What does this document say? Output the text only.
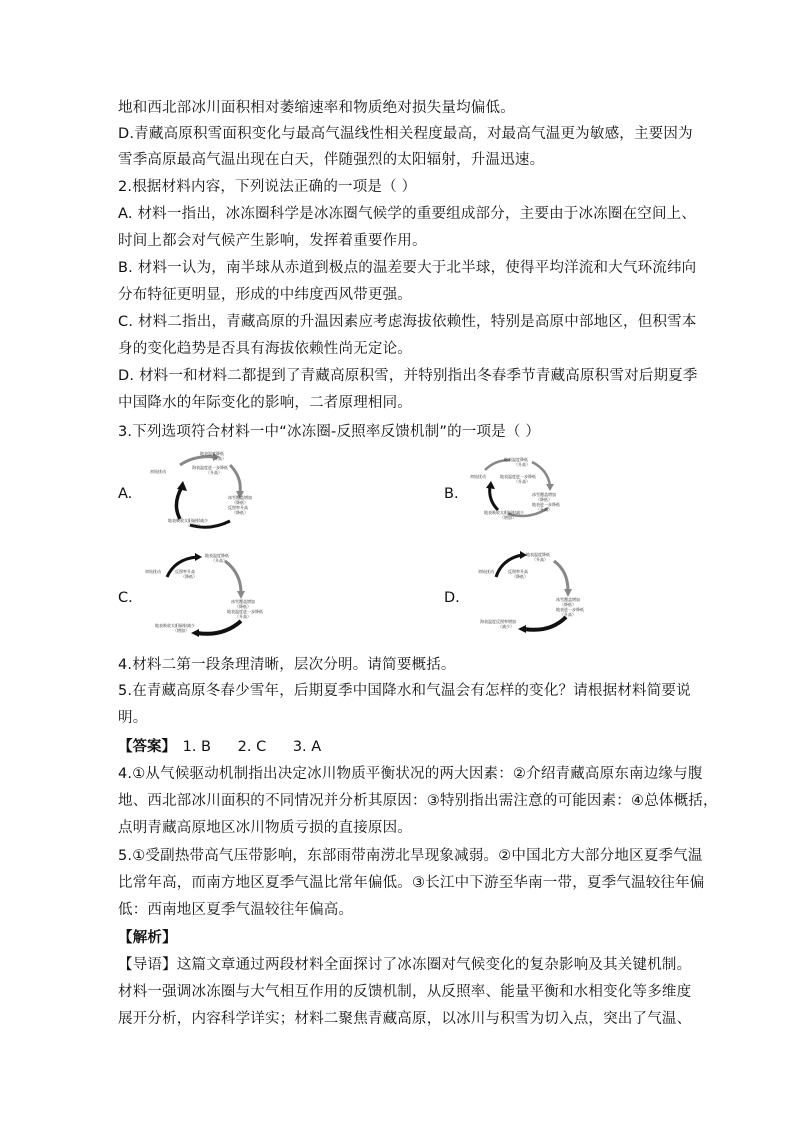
地和西北部冰川面积相对萎缩速率和物质绝对损失量均偏低。
D.青藏高原积雪面积变化与最高气温线性相关程度最高，对最高气温更为敏感，主要因为
雪季高原最高气温出现在白天，伴随强烈的太阳辐射，升温迅速。
2.根据材料内容，下列说法正确的一项是（ ）
A. 材料一指出，冰冻圈科学是冰冻圈气候学的重要组成部分，主要由于冰冻圈在空间上、
时间上都会对气候产生影响，发挥着重要作用。
B. 材料一认为，南半球从赤道到极点的温差要大于北半球，使得平均洋流和大气环流纬向
分布特征更明显，形成的中纬度西风带更强。
C. 材料二指出，青藏高原的升温因素应考虑海拔依赖性，特别是高原中部地区，但积雪本
身的变化趋势是否具有海拔依赖性尚无定论。
D. 材料一和材料二都提到了青藏高原积雪，并特别指出冬春季节青藏高原积雪对后期夏季
中国降水的年际变化的影响，二者原理相同。
3.下列选项符合材料一中“冰冻圈-反照率反馈机制”的一项是（ ）
A.	B.
C.	D.
地表温度降低
（升高）
海表温度进一步降低
（升高）
初始扰动
冰雪覆盖增加
（降低）
反照率升高
（降低）
地表吸收太阳辐射减少
（增加）
地表温度降低
（升高）
地表温度进一步降低
（升高）
初始扰动
冰雪覆盖增加
（降低）
地表进一步降低
（升高）
地表吸收太阳辐射减少
（增加）
地表温度降低
（升高）
反照率升高
（降低）
初始扰动
冰雪覆盖增加
（降低）
地表温度进一步降低
（升高）
地表吸收太阳辐射减少
（增加）
地表温度降低
（升高）
反照率升高
（降低）
初始扰动
冰雪覆盖增加
（降低）
地表进一步降低
（升高）
海表温度反照率增加
（减少）
4.材料二第一段条理清晰，层次分明。请简要概括。
5.在青藏高原冬春少雪年，后期夏季中国降水和气温会有怎样的变化？请根据材料简要说
明。
【答案】 1. B 2. C 3. A
4.①从气候驱动机制指出决定冰川物质平衡状况的两大因素：②介绍青藏高原东南边缘与腹
地、西北部冰川面积的不同情况并分析其原因：③特别指出需注意的可能因素：④总体概括，
点明青藏高原地区冰川物质亏损的直接原因。
5.①受副热带高气压带影响，东部雨带南涝北旱现象减弱。②中国北方大部分地区夏季气温
比常年高，而南方地区夏季气温比常年偏低。③长江中下游至华南一带，夏季气温较往年偏
低：西南地区夏季气温较往年偏高。
【解析】
【导语】这篇文章通过两段材料全面探讨了冰冻圈对气候变化的复杂影响及其关键机制。
材料一强调冰冻圈与大气相互作用的反馈机制，从反照率、能量平衡和水相变化等多维度
展开分析，内容科学详实；材料二聚焦青藏高原，以冰川与积雪为切入点，突出了气温、
